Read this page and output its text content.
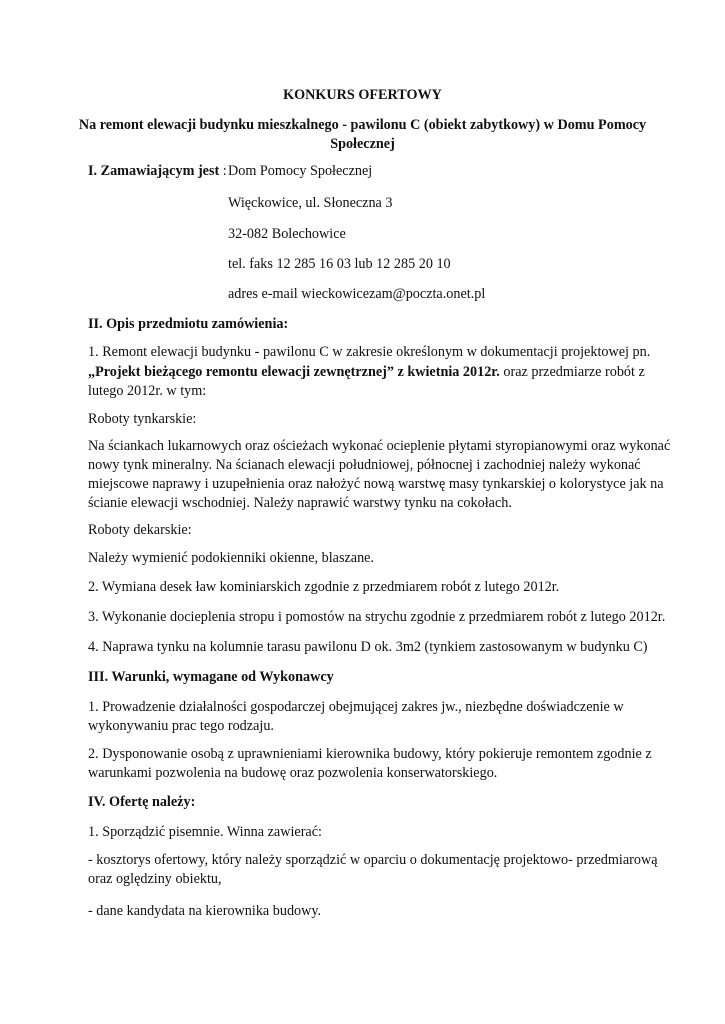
KONKURS OFERTOWY

Na remont elewacji budynku mieszkalnego - pawilonu C (obiekt zabytkowy) w Domu Pomocy

Społecznej

I. Zamawiającym jest : Dom Pomocy Społecznej

Więckowice, ul. Słoneczna 3

32-082 Bolechowice

tel. faks 12 285 16 03 lub 12 285 20 10

adres e-mail wieckowicezam@poczta.onet.pl

II. Opis przedmiotu zamówienia:

1. Remont elewacji budynku - pawilonu C w zakresie określonym w dokumentacji projektowej pn.

„Projekt bieżącego remontu elewacji zewnętrznej” z kwietnia 2012r. oraz przedmiarze robót z

lutego 2012r. w tym:

Roboty tynkarskie:

Na ściankach lukarnowych oraz ościeżach wykonać ocieplenie płytami styropianowymi oraz wykonać

nowy tynk mineralny. Na ścianach elewacji południowej, północnej i zachodniej należy wykonać

miejscowe naprawy i uzupełnienia oraz nałożyć nową warstwę masy tynkarskiej o kolorystyce jak na

ścianie elewacji wschodniej. Należy naprawić warstwy tynku na cokołach.

Roboty dekarskie:

Należy wymienić podokienniki okienne, blaszane.

2. Wymiana desek ław kominiarskich zgodnie z przedmiarem robót z lutego 2012r.

3. Wykonanie docieplenia stropu i pomostów na strychu zgodnie z przedmiarem robót z lutego 2012r.

4. Naprawa tynku na kolumnie tarasu pawilonu D ok. 3m2 (tynkiem zastosowanym w budynku C)

III. Warunki, wymagane od Wykonawcy

1. Prowadzenie działalności gospodarczej obejmującej zakres jw., niezbędne doświadczenie w

wykonywaniu prac tego rodzaju.

2. Dysponowanie osobą z uprawnieniami kierownika budowy, który pokieruje remontem zgodnie z

warunkami pozwolenia na budowę oraz pozwolenia konserwatorskiego.

IV. Ofertę należy:

1. Sporządzić pisemnie. Winna zawierać:

- kosztorys ofertowy, który należy sporządzić w oparciu o dokumentację projektowo- przedmiarową

oraz oględziny obiektu,

- dane kandydata na kierownika budowy.
